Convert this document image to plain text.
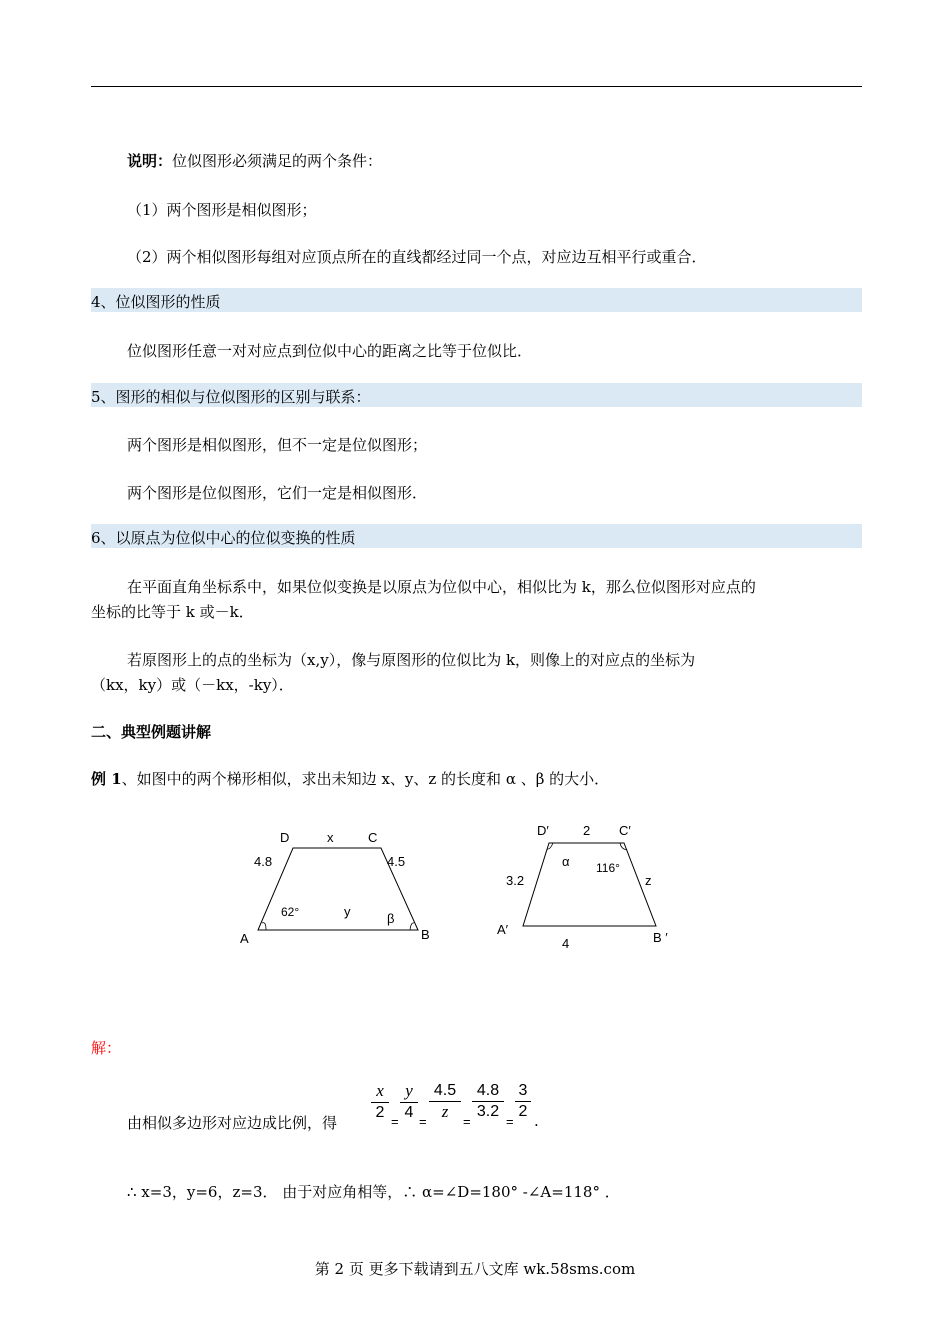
说明：位似图形必须满足的两个条件：
（1）两个图形是相似图形；
（2）两个相似图形每组对应顶点所在的直线都经过同一个点，对应边互相平行或重合．
4、位似图形的性质
位似图形任意一对对应点到位似中心的距离之比等于位似比．
5、图形的相似与位似图形的区别与联系：
两个图形是相似图形，但不一定是位似图形；
两个图形是位似图形，它们一定是相似图形．
6、以原点为位似中心的位似变换的性质
在平面直角坐标系中，如果位似变换是以原点为位似中心，相似比为 k，那么位似图形对应点的
坐标的比等于 k 或－k．
若原图形上的点的坐标为（x,y），像与原图形的位似比为 k，则像上的对应点的坐标为
（kx，ky）或（－kx，-ky）．
二、典型例题讲解
例 1、如图中的两个梯形相似，求出未知边 x、y、z 的长度和 α 、β 的大小．
D	x	C
4.8	4.5
62°	y	β
A	B
D′	2 C′
α 116°
3.2	z
A′
B ′
4
解：
由相似多边形对应边成比例，得 $\frac{x}{2} = \frac{y}{4} = \frac{4.5}{z} = \frac{4.8}{3.2} = \frac{3}{2}$ .
∴ x=3，y=6，z=3． 由于对应角相等，∴ α=∠D=180° -∠A=118° ．
第 2 页 更多下载请到五八文库 wk.58sms.com
